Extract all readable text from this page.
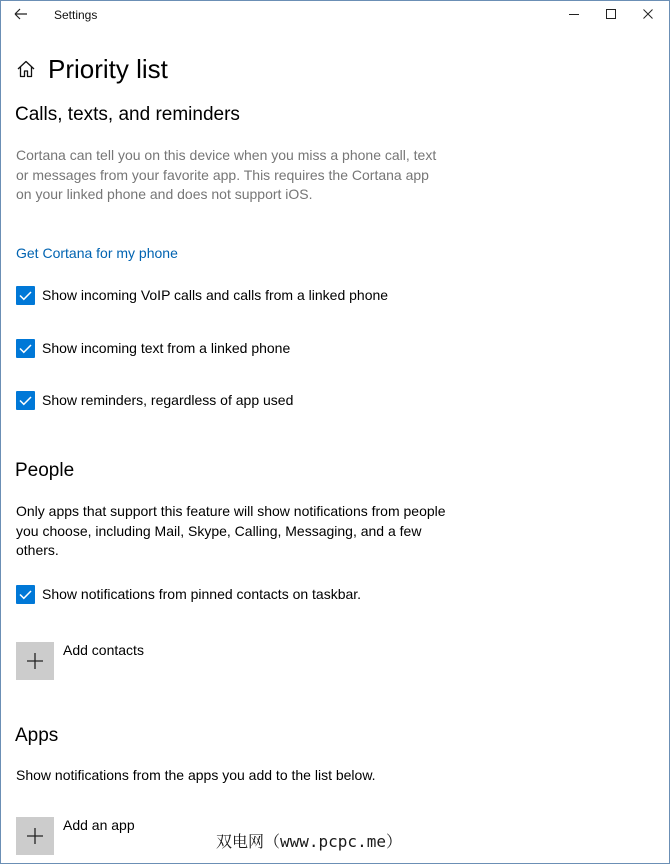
Settings
Priority list
Calls, texts, and reminders
Cortana can tell you on this device when you miss a phone call, text or messages from your favorite app. This requires the Cortana app on your linked phone and does not support iOS.
Get Cortana for my phone
Show incoming VoIP calls and calls from a linked phone
Show incoming text from a linked phone
Show reminders, regardless of app used
People
Only apps that support this feature will show notifications from people you choose, including Mail, Skype, Calling, Messaging, and a few others.
Show notifications from pinned contacts on taskbar.
Add contacts
Apps
Show notifications from the apps you add to the list below.
Add an app
双电网（www.pcpc.me）
